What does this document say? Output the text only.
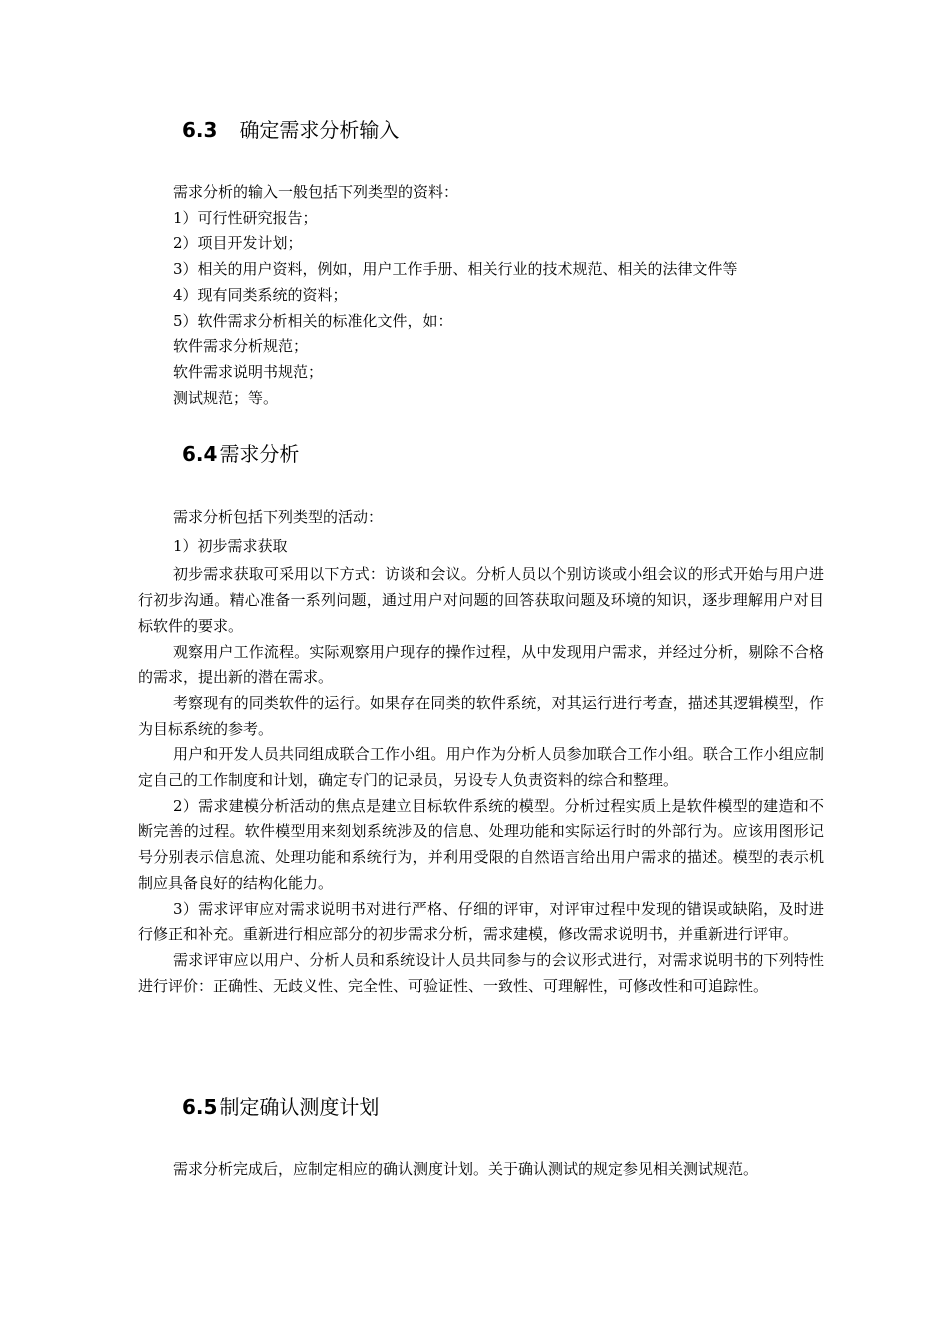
6.3 确定需求分析输入
需求分析的输入一般包括下列类型的资料：
1）可行性研究报告；
2）项目开发计划；
3）相关的用户资料，例如，用户工作手册、相关行业的技术规范、相关的法律文件等
4）现有同类系统的资料；
5）软件需求分析相关的标准化文件，如：
软件需求分析规范；
软件需求说明书规范；
测试规范；等。
6.4 需求分析
需求分析包括下列类型的活动：
1）初步需求获取

初步需求获取可采用以下方式：访谈和会议。分析人员以个别访谈或小组会议的形式开始与用户进行初步沟通。精心准备一系列问题，通过用户对问题的回答获取问题及环境的知识，逐步理解用户对目标软件的要求。

观察用户工作流程。实际观察用户现存的操作过程，从中发现用户需求，并经过分析，剔除不合格的需求，提出新的潜在需求。

考察现有的同类软件的运行。如果存在同类的软件系统，对其运行进行考查，描述其逻辑模型，作为目标系统的参考。

用户和开发人员共同组成联合工作小组。用户作为分析人员参加联合工作小组。联合工作小组应制定自己的工作制度和计划，确定专门的记录员，另设专人负责资料的综合和整理。

2）需求建模分析活动的焦点是建立目标软件系统的模型。分析过程实质上是软件模型的建造和不断完善的过程。软件模型用来刻划系统涉及的信息、处理功能和实际运行时的外部行为。应该用图形记号分别表示信息流、处理功能和系统行为，并利用受限的自然语言给出用户需求的描述。模型的表示机制应具备良好的结构化能力。

3）需求评审应对需求说明书对进行严格、仔细的评审，对评审过程中发现的错误或缺陷，及时进行修正和补充。重新进行相应部分的初步需求分析，需求建模，修改需求说明书，并重新进行评审。

需求评审应以用户、分析人员和系统设计人员共同参与的会议形式进行，对需求说明书的下列特性进行评价：正确性、无歧义性、完全性、可验证性、一致性、可理解性，可修改性和可追踪性。

6.5 制定确认测度计划

需求分析完成后，应制定相应的确认测度计划。关于确认测试的规定参见相关测试规范。
